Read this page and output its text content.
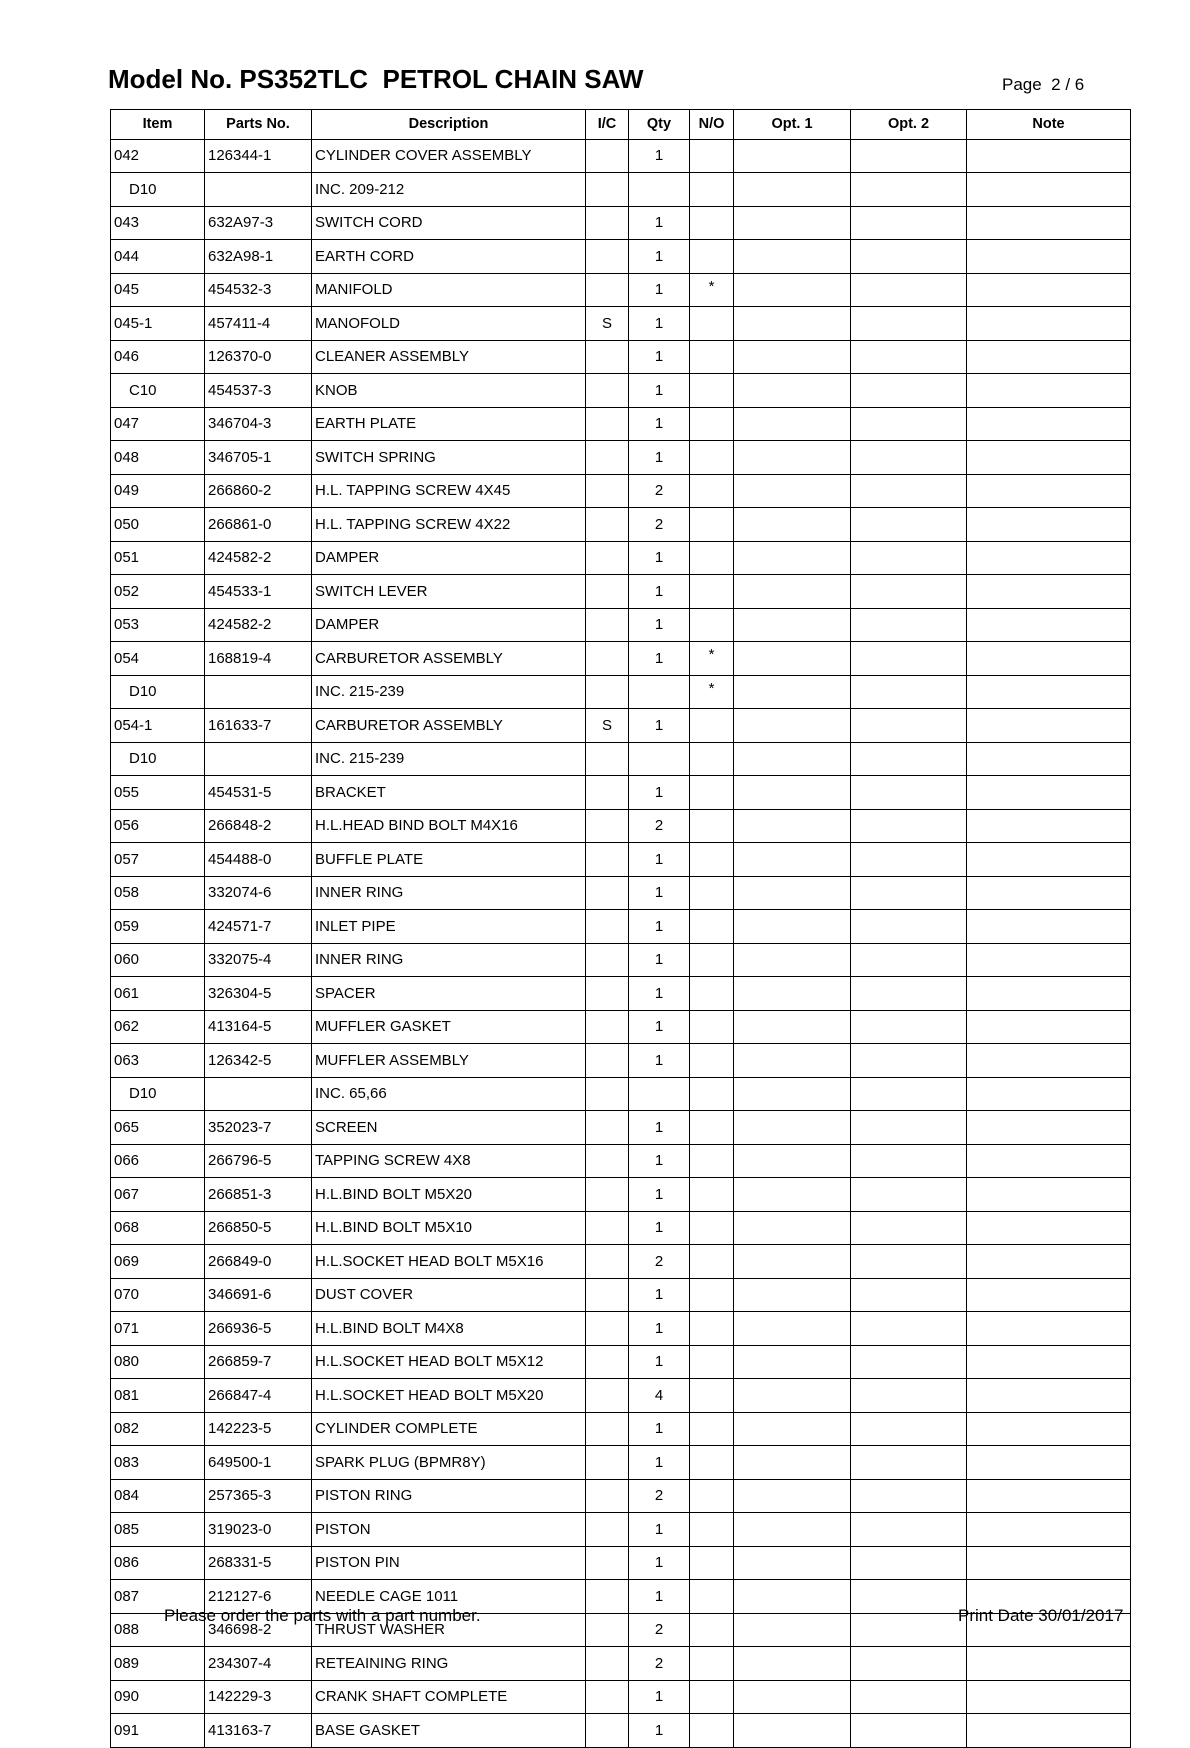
Model No. PS352TLC  PETROL CHAIN SAW	Page  2 / 6
Item	Parts No.	Description	I/C	Qty	N/O	Opt. 1	Opt. 2	Note
042	126344-1	CYLINDER COVER ASSEMBLY		1				
D10		INC. 209-212						
043	632A97-3	SWITCH CORD		1				
044	632A98-1	EARTH CORD		1				
045	454532-3	MANIFOLD		1	*			
045-1	457411-4	MANOFOLD	S	1				
046	126370-0	CLEANER ASSEMBLY		1				
C10	454537-3	KNOB		1				
047	346704-3	EARTH PLATE		1				
048	346705-1	SWITCH SPRING		1				
049	266860-2	H.L. TAPPING SCREW 4X45		2				
050	266861-0	H.L. TAPPING SCREW 4X22		2				
051	424582-2	DAMPER		1				
052	454533-1	SWITCH LEVER		1				
053	424582-2	DAMPER		1				
054	168819-4	CARBURETOR ASSEMBLY		1	*			
D10		INC. 215-239			*			
054-1	161633-7	CARBURETOR ASSEMBLY	S	1				
D10		INC. 215-239						
055	454531-5	BRACKET		1				
056	266848-2	H.L.HEAD BIND BOLT M4X16		2				
057	454488-0	BUFFLE PLATE		1				
058	332074-6	INNER RING		1				
059	424571-7	INLET PIPE		1				
060	332075-4	INNER RING		1				
061	326304-5	SPACER		1				
062	413164-5	MUFFLER GASKET		1				
063	126342-5	MUFFLER ASSEMBLY		1				
D10		INC. 65,66						
065	352023-7	SCREEN		1				
066	266796-5	TAPPING SCREW 4X8		1				
067	266851-3	H.L.BIND BOLT M5X20		1				
068	266850-5	H.L.BIND BOLT M5X10		1				
069	266849-0	H.L.SOCKET HEAD BOLT M5X16		2				
070	346691-6	DUST COVER		1				
071	266936-5	H.L.BIND BOLT M4X8		1				
080	266859-7	H.L.SOCKET HEAD BOLT M5X12		1				
081	266847-4	H.L.SOCKET HEAD BOLT M5X20		4				
082	142223-5	CYLINDER COMPLETE		1				
083	649500-1	SPARK PLUG (BPMR8Y)		1				
084	257365-3	PISTON RING		2				
085	319023-0	PISTON		1				
086	268331-5	PISTON PIN		1				
087	212127-6	NEEDLE CAGE 1011		1				
088	346698-2	THRUST WASHER		2				
089	234307-4	RETEAINING RING		2				
090	142229-3	CRANK SHAFT COMPLETE		1				
091	413163-7	BASE GASKET		1				
Please order the parts with a part number.	Print Date 30/01/2017
